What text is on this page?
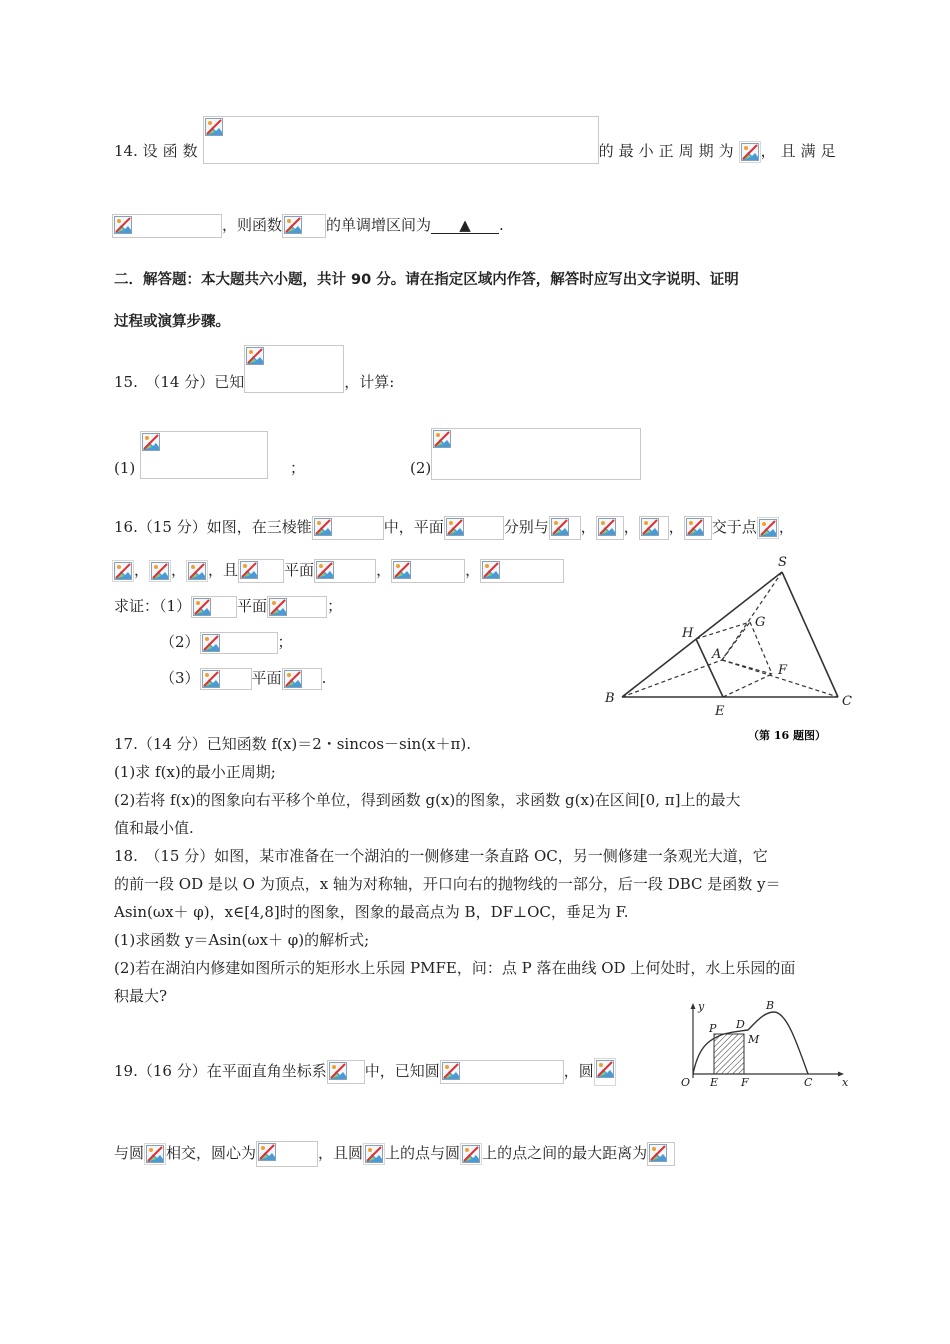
14. 设函数	的最小正周期为 ，且满足
，则函数	的单调增区间为 ▲ .
二．解答题：本大题共六小题，共计 90 分。请在指定区域内作答，解答时应写出文字说明、证明
过程或演算步骤。
15.　（14 分）已知	，计算:
(1)	；	(2)
16.（15 分）如图，在三棱锥	中，平面	分别与 ， ， ， 交于点 ，
， ， ，且	平面	，	，
求证：（1）	平面	；
（2）	；
（3）	平面	.
S
H
G
A
F
B
E
C
（第 16 题图）
17.（14 分）已知函数 f(x)＝2・sincos－sin(x＋π).
(1)求 f(x)的最小正周期;
(2)若将 f(x)的图象向右平移个单位，得到函数 g(x)的图象，求函数 g(x)在区间[0, π]上的最大
值和最小值.
18.　（15 分）如图，某市准备在一个湖泊的一侧修建一条直路 OC，另一侧修建一条观光大道，它
的前一段 OD 是以 O 为顶点，x 轴为对称轴，开口向右的抛物线的一部分，后一段 DBC 是函数 y＝
Asin(ωx＋ φ)，x∈[4,8]时的图象，图象的最高点为 B，DF⊥OC，垂足为 F.
(1)求函数 y＝Asin(ωx＋ φ)的解析式;
(2)若在湖泊内修建如图所示的矩形水上乐园 PMFE，问：点 P 落在曲线 OD 上何处时，水上乐园的面
积最大?
y	B
D
P
M
O E F	C	x
19.（16 分）在平面直角坐标系	中，已知圆	，圆
与圆 相交，圆心为	，且圆 上的点与圆 上的点之间的最大距离为
